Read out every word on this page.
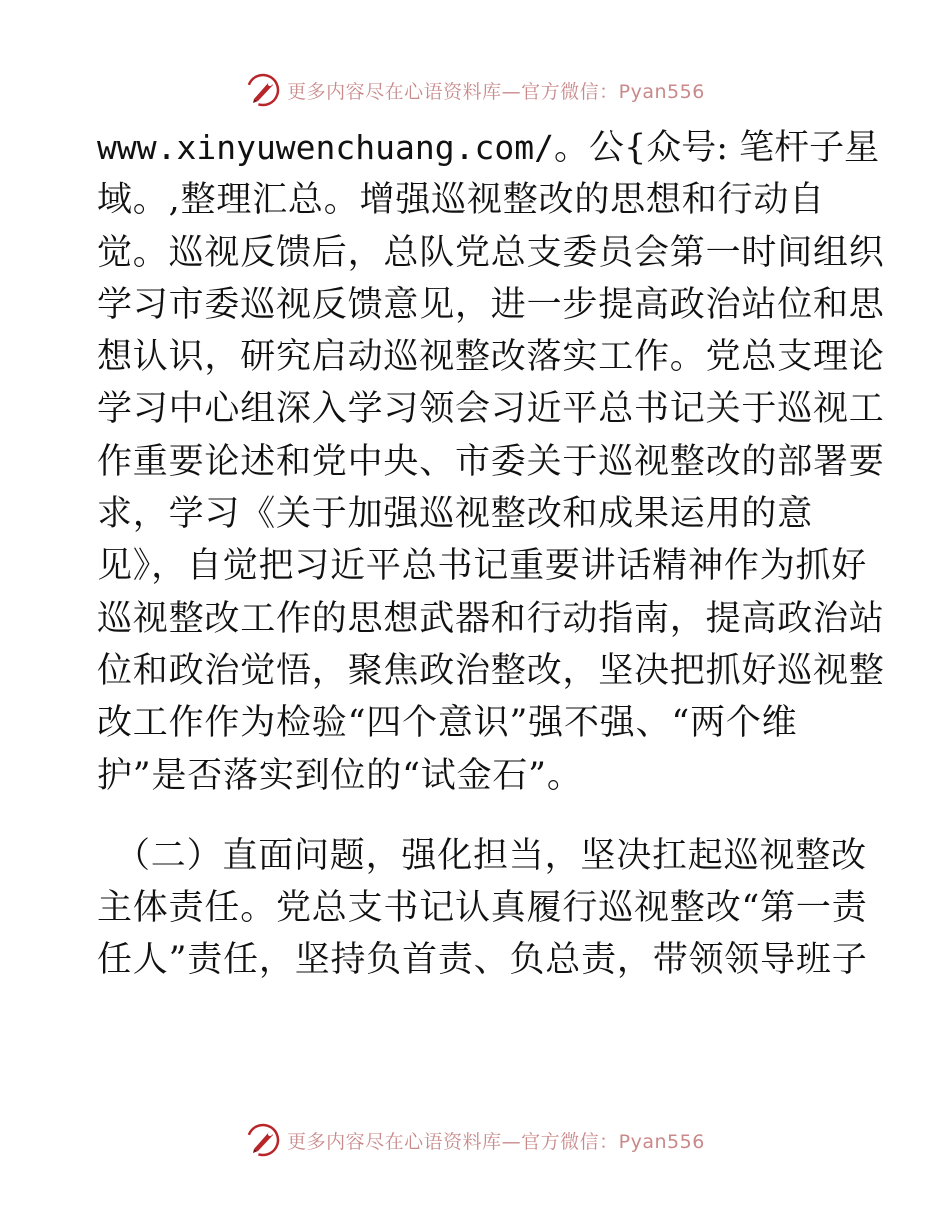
更多内容尽在心语资料库—官方微信：Pyan556
www.xinyuwenchuang.com/。公{众号: 笔杆子星
域。,整理汇总。增强巡视整改的思想和行动自
觉。巡视反馈后，总队党总支委员会第一时间组织
学习市委巡视反馈意见，进一步提高政治站位和思
想认识，研究启动巡视整改落实工作。党总支理论
学习中心组深入学习领会习近平总书记关于巡视工
作重要论述和党中央、市委关于巡视整改的部署要
求，学习《关于加强巡视整改和成果运用的意
见》，自觉把习近平总书记重要讲话精神作为抓好
巡视整改工作的思想武器和行动指南，提高政治站
位和政治觉悟，聚焦政治整改，坚决把抓好巡视整
改工作作为检验“四个意识”强不强、“两个维
护”是否落实到位的“试金石”。
（二）直面问题，强化担当，坚决扛起巡视整改
主体责任。党总支书记认真履行巡视整改“第一责
任人”责任，坚持负首责、负总责，带领领导班子
更多内容尽在心语资料库—官方微信：Pyan556
